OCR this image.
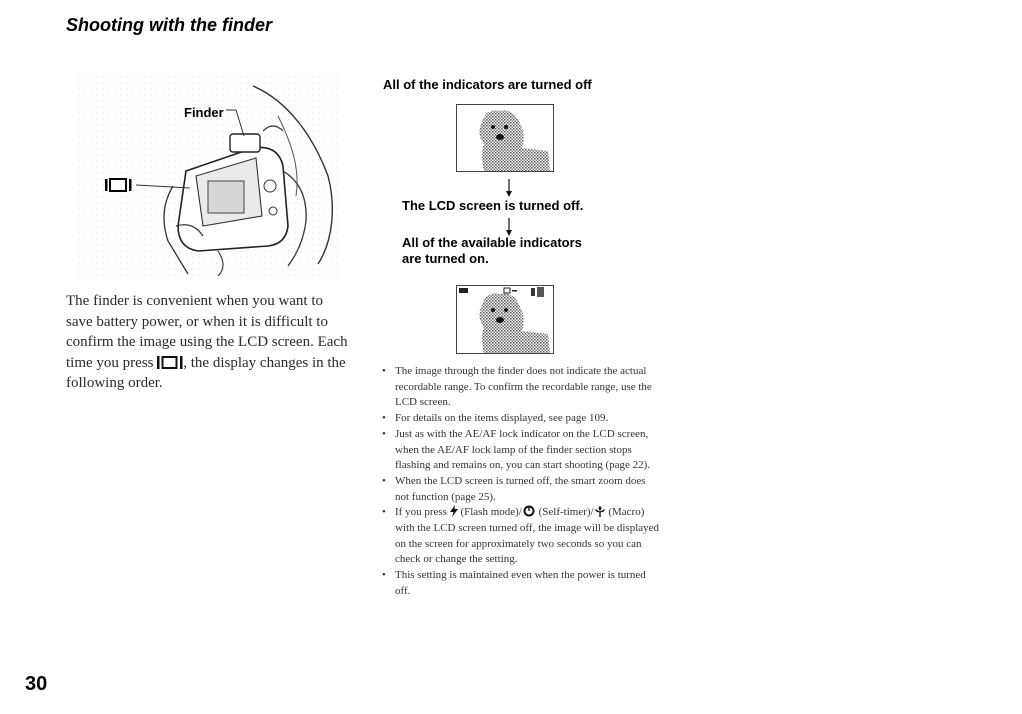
Shooting with the finder
Finder
The finder is convenient when you want to save battery power, or when it is difficult to confirm the image using the LCD screen. Each time you press , the display changes in the following order.
All of the indicators are turned off
The LCD screen is turned off.
All of the available indicators
are turned on.
• The image through the finder does not indicate the actual recordable range. To confirm the recordable range, use the LCD screen.
• For details on the items displayed, see page 109.
• Just as with the AE/AF lock indicator on the LCD screen, when the AE/AF lock lamp of the finder section stops flashing and remains on, you can start shooting (page 22).
• When the LCD screen is turned off, the smart zoom does not function (page 25).
• If you press (Flash mode)/ (Self-timer)/ (Macro) with the LCD screen turned off, the image will be displayed on the screen for approximately two seconds so you can check or change the setting.
• This setting is maintained even when the power is turned off.
30
